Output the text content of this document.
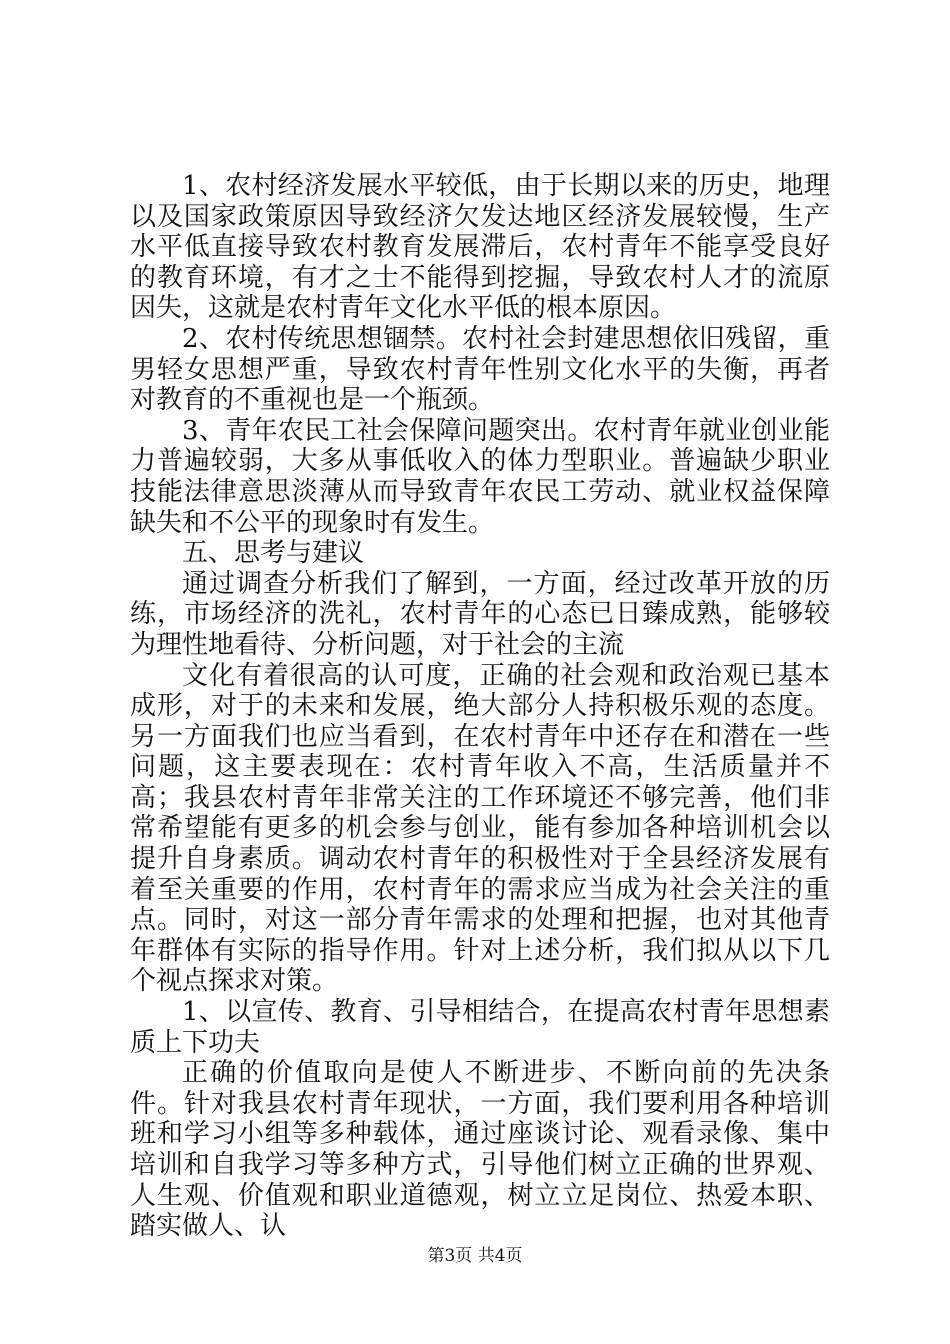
1、农村经济发展水平较低，由于长期以来的历史，地理以及国家政策原因导致经济欠发达地区经济发展较慢，生产水平低直接导致农村教育发展滞后，农村青年不能享受良好的教育环境，有才之士不能得到挖掘，导致农村人才的流原因失，这就是农村青年文化水平低的根本原因。

2、农村传统思想锢禁。农村社会封建思想依旧残留，重男轻女思想严重，导致农村青年性别文化水平的失衡，再者对教育的不重视也是一个瓶颈。

3、青年农民工社会保障问题突出。农村青年就业创业能力普遍较弱，大多从事低收入的体力型职业。普遍缺少职业技能法律意思淡薄从而导致青年农民工劳动、就业权益保障缺失和不公平的现象时有发生。

五、思考与建议

通过调查分析我们了解到，一方面，经过改革开放的历练，市场经济的洗礼，农村青年的心态已日臻成熟，能够较为理性地看待、分析问题，对于社会的主流

文化有着很高的认可度，正确的社会观和政治观已基本成形，对于的未来和发展，绝大部分人持积极乐观的态度。另一方面我们也应当看到，在农村青年中还存在和潜在一些问题，这主要表现在：农村青年收入不高，生活质量并不高；我县农村青年非常关注的工作环境还不够完善，他们非常希望能有更多的机会参与创业，能有参加各种培训机会以提升自身素质。调动农村青年的积极性对于全县经济发展有着至关重要的作用，农村青年的需求应当成为社会关注的重点。同时，对这一部分青年需求的处理和把握，也对其他青年群体有实际的指导作用。针对上述分析，我们拟从以下几个视点探求对策。

1、以宣传、教育、引导相结合，在提高农村青年思想素质上下功夫

正确的价值取向是使人不断进步、不断向前的先决条件。针对我县农村青年现状，一方面，我们要利用各种培训班和学习小组等多种载体，通过座谈讨论、观看录像、集中培训和自我学习等多种方式，引导他们树立正确的世界观、人生观、价值观和职业道德观，树立立足岗位、热爱本职、踏实做人、认

第3页 共4页
